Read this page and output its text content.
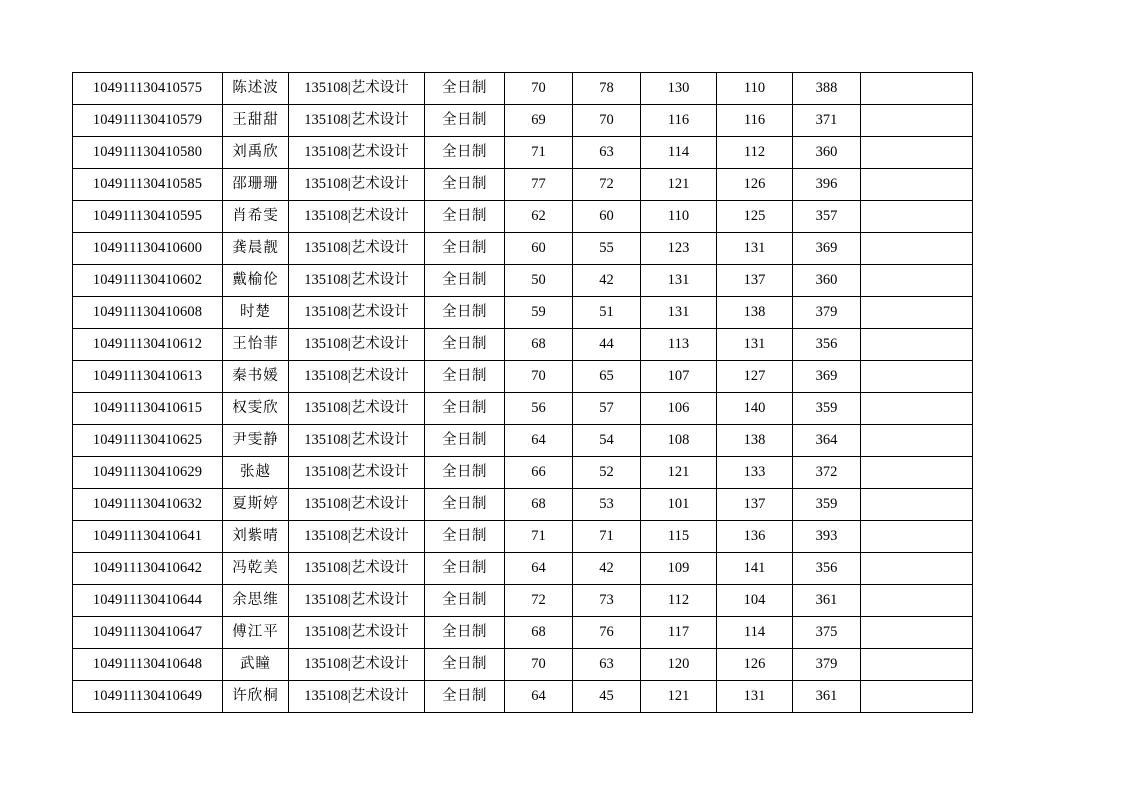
104911130410575	陈述波	135108|艺术设计	全日制	70	78	130	110	388	
104911130410579	王甜甜	135108|艺术设计	全日制	69	70	116	116	371	
104911130410580	刘禹欣	135108|艺术设计	全日制	71	63	114	112	360	
104911130410585	邵珊珊	135108|艺术设计	全日制	77	72	121	126	396	
104911130410595	肖希雯	135108|艺术设计	全日制	62	60	110	125	357	
104911130410600	龚晨靓	135108|艺术设计	全日制	60	55	123	131	369	
104911130410602	戴榆伦	135108|艺术设计	全日制	50	42	131	137	360	
104911130410608	时楚	135108|艺术设计	全日制	59	51	131	138	379	
104911130410612	王怡菲	135108|艺术设计	全日制	68	44	113	131	356	
104911130410613	秦书媛	135108|艺术设计	全日制	70	65	107	127	369	
104911130410615	权雯欣	135108|艺术设计	全日制	56	57	106	140	359	
104911130410625	尹雯静	135108|艺术设计	全日制	64	54	108	138	364	
104911130410629	张越	135108|艺术设计	全日制	66	52	121	133	372	
104911130410632	夏斯婷	135108|艺术设计	全日制	68	53	101	137	359	
104911130410641	刘紫晴	135108|艺术设计	全日制	71	71	115	136	393	
104911130410642	冯乾美	135108|艺术设计	全日制	64	42	109	141	356	
104911130410644	余思维	135108|艺术设计	全日制	72	73	112	104	361	
104911130410647	傅江平	135108|艺术设计	全日制	68	76	117	114	375	
104911130410648	武瞳	135108|艺术设计	全日制	70	63	120	126	379	
104911130410649	许欣桐	135108|艺术设计	全日制	64	45	121	131	361	
